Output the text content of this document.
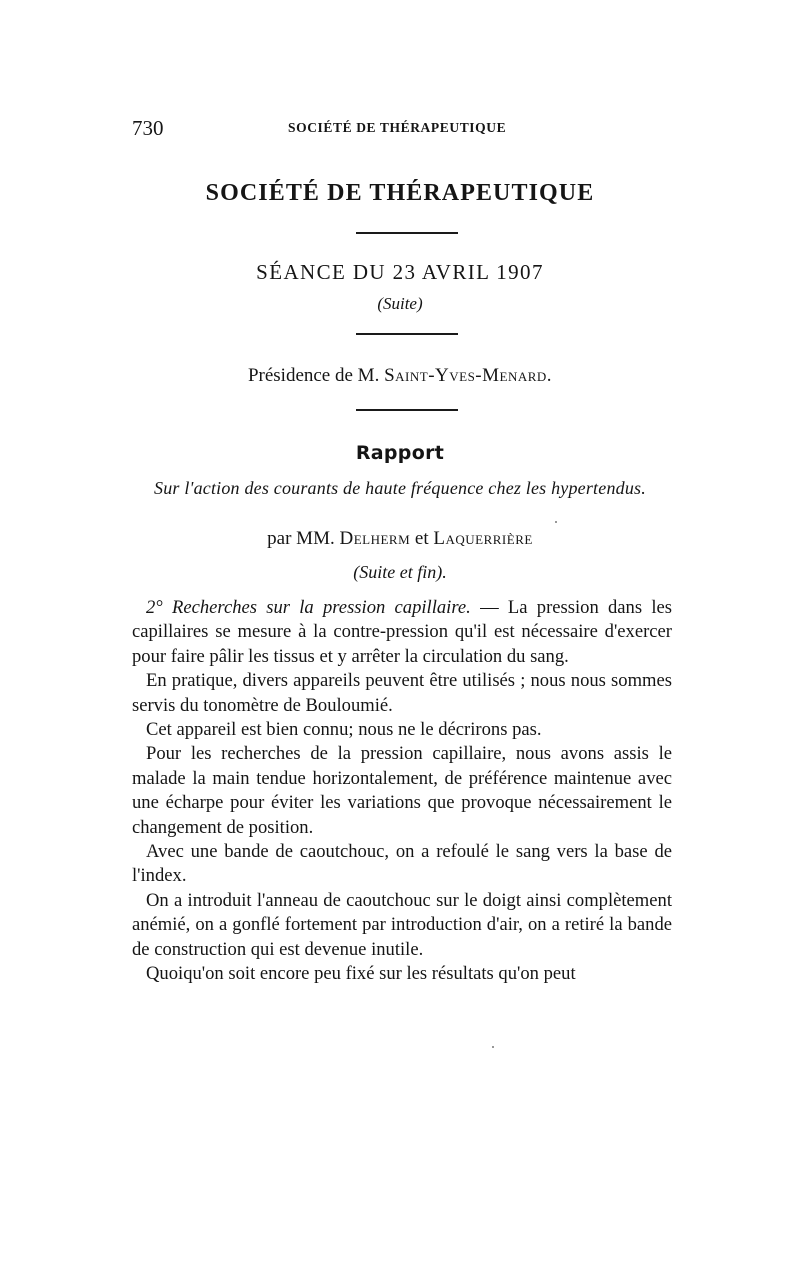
730	SOCIÉTÉ DE THÉRAPEUTIQUE
SOCIÉTÉ DE THÉRAPEUTIQUE
SÉANCE DU 23 AVRIL 1907
(Suite)
Présidence de M. Saint-Yves-Menard.
Rapport
Sur l'action des courants de haute fréquence chez les hypertendus.
par MM. Delherm et Laquerrière
(Suite et fin).

2° Recherches sur la pression capillaire. — La pression dans les capillaires se mesure à la contre-pression qu'il est nécessaire d'exercer pour faire pâlir les tissus et y arrêter la circulation du sang.

En pratique, divers appareils peuvent être utilisés ; nous nous sommes servis du tonomètre de Bouloumié.

Cet appareil est bien connu; nous ne le décrirons pas.

Pour les recherches de la pression capillaire, nous avons assis le malade la main tendue horizontalement, de préférence maintenue avec une écharpe pour éviter les variations que provoque nécessairement le changement de position.

Avec une bande de caoutchouc, on a refoulé le sang vers la base de l'index.

On a introduit l'anneau de caoutchouc sur le doigt ainsi complètement anémié, on a gonflé fortement par introduction d'air, on a retiré la bande de construction qui est devenue inutile.

Quoiqu'on soit encore peu fixé sur les résultats qu'on peut
